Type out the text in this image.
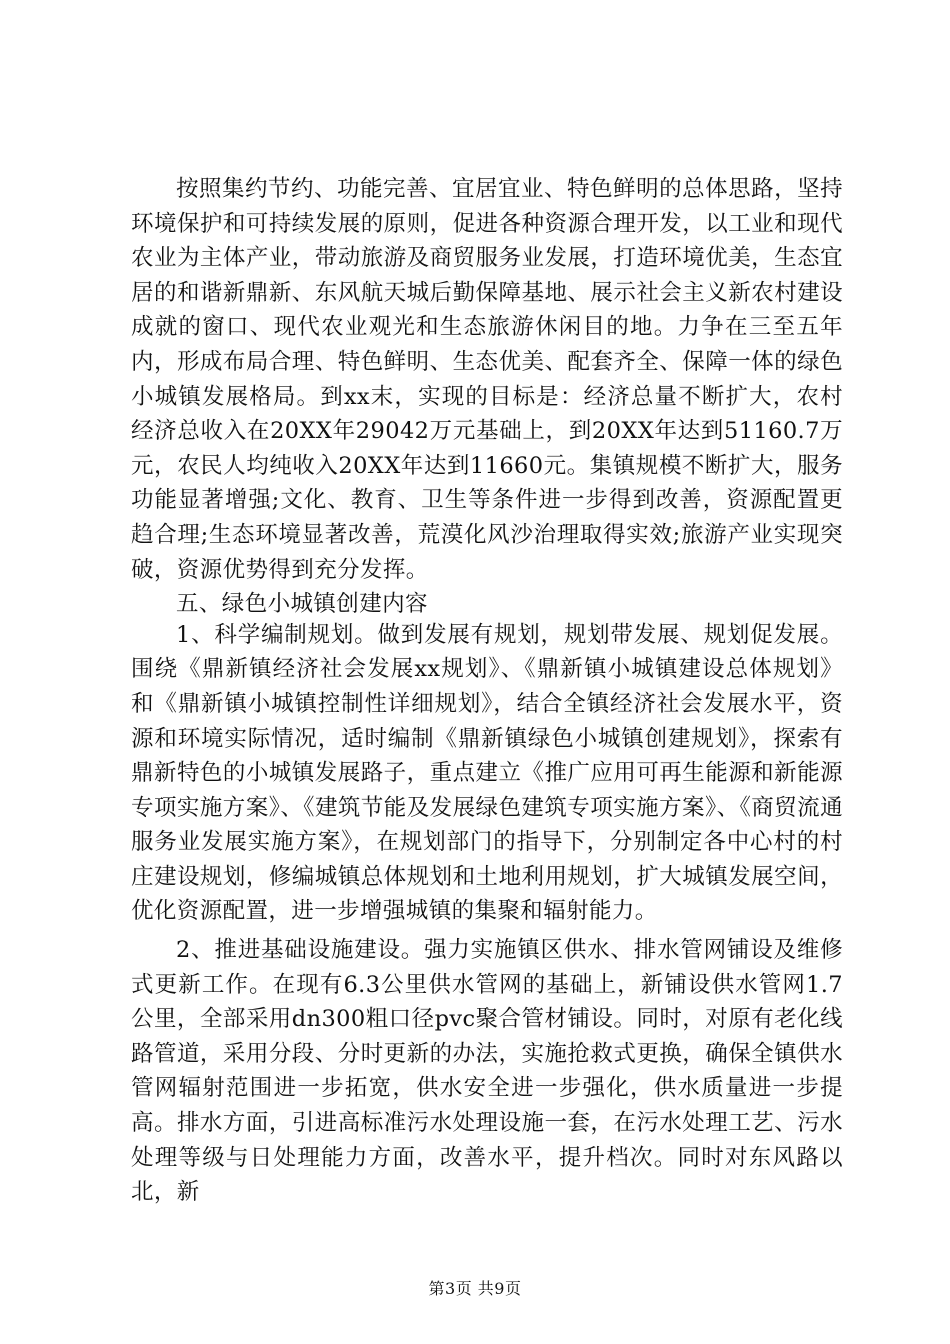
按照集约节约、功能完善、宜居宜业、特色鲜明的总体思路，坚持环境保护和可持续发展的原则，促进各种资源合理开发，以工业和现代农业为主体产业，带动旅游及商贸服务业发展，打造环境优美，生态宜居的和谐新鼎新、东风航天城后勤保障基地、展示社会主义新农村建设成就的窗口、现代农业观光和生态旅游休闲目的地。力争在三至五年内，形成布局合理、特色鲜明、生态优美、配套齐全、保障一体的绿色小城镇发展格局。到xx末，实现的目标是：经济总量不断扩大，农村经济总收入在20XX年29042万元基础上，到20XX年达到51160.7万元，农民人均纯收入20XX年达到11660元。集镇规模不断扩大，服务功能显著增强;文化、教育、卫生等条件进一步得到改善，资源配置更趋合理;生态环境显著改善，荒漠化风沙治理取得实效;旅游产业实现突破，资源优势得到充分发挥。

五、绿色小城镇创建内容

1、科学编制规划。做到发展有规划，规划带发展、规划促发展。围绕《鼎新镇经济社会发展xx规划》、《鼎新镇小城镇建设总体规划》和《鼎新镇小城镇控制性详细规划》，结合全镇经济社会发展水平，资源和环境实际情况，适时编制《鼎新镇绿色小城镇创建规划》，探索有鼎新特色的小城镇发展路子，重点建立《推广应用可再生能源和新能源专项实施方案》、《建筑节能及发展绿色建筑专项实施方案》、《商贸流通服务业发展实施方案》，在规划部门的指导下，分别制定各中心村的村庄建设规划，修编城镇总体规划和土地利用规划，扩大城镇发展空间，优化资源配置，进一步增强城镇的集聚和辐射能力。

2、推进基础设施建设。强力实施镇区供水、排水管网铺设及维修式更新工作。在现有6.3公里供水管网的基础上，新铺设供水管网1.7公里，全部采用dn300粗口径pvc聚合管材铺设。同时，对原有老化线路管道，采用分段、分时更新的办法，实施抢救式更换，确保全镇供水管网辐射范围进一步拓宽，供水安全进一步强化，供水质量进一步提高。排水方面，引进高标准污水处理设施一套，在污水处理工艺、污水处理等级与日处理能力方面，改善水平，提升档次。同时对东风路以北，新

第3页 共9页
